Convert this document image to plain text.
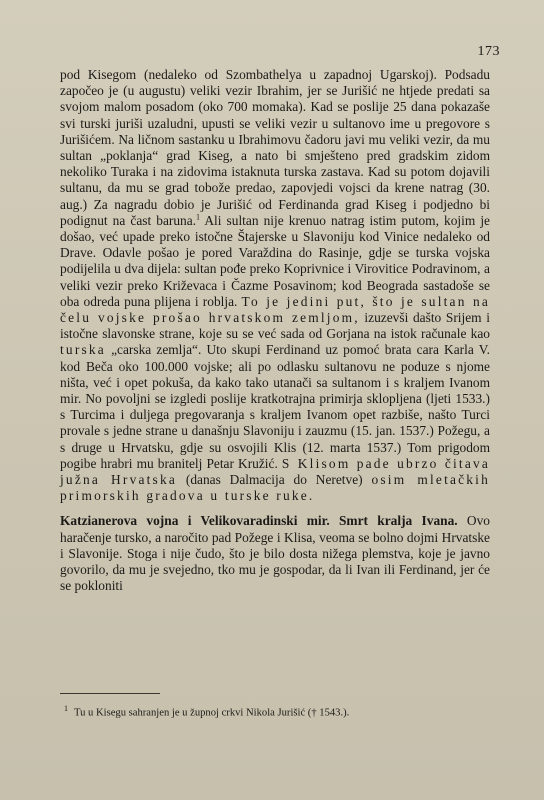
173

pod Kisegom (nedaleko od Szombathelya u zapadnoj Ugarskoj). Podsadu započeo je (u augustu) veliki vezir Ibrahim, jer se Jurišić ne htjede predati sa svojom malom posadom (oko 700 momaka). Kad se poslije 25 dana pokazaše svi turski juriši uzaludni, upusti se veliki vezir u sultanovo ime u pregovore s Jurišićem. Na ličnom sastanku u Ibrahimovu čadoru javi mu veliki vezir, da mu sultan „poklanja“ grad Kiseg, a nato bi smješteno pred gradskim zidom nekoliko Turaka i na zidovima istaknuta turska zastava. Kad su potom dojavili sultanu, da mu se grad tobože predao, zapovjedi vojsci da krene natrag (30. aug.) Za nagradu dobio je Jurišić od Ferdinanda grad Kiseg i podjedno bi podignut na čast baruna.$^1$ Ali sultan nije krenuo natrag istim putom, kojim je došao, već upade preko istočne Štajerske u Slavoniju kod Vinice nedaleko od Drave. Odavle pošao je pored Varaždina do Rasinje, gdje se turska vojska podijelila u dva dijela: sultan pođe preko Koprivnice i Virovitice Podravinom, a veliki vezir preko Križevaca i Čazme Posavinom; kod Beograda sastadoše se oba odreda puna plijena i roblja. To je jedini put, što je sultan na čelu vojske prošao hrvatskom zemljom, izuzevši dašto Srijem i istočne slavonske strane, koje su se već sada od Gorjana na istok računale kao turska „carska zemlja“. Uto skupi Ferdinand uz pomoć brata cara Karla V. kod Beča oko 100.000 vojske; ali po odlasku sultanovu ne poduze s njome ništa, već i opet pokuša, da kako tako utanači sa sultanom i s kraljem Ivanom mir. No povoljni se izgledi poslije kratkotrajna primirja sklopljena (ljeti 1533.) s Turcima i duljega pregovaranja s kraljem Ivanom opet razbiše, našto Turci provale s jedne strane u današnju Slavoniju i zauzmu (15. jan. 1537.) Požegu, a s druge u Hrvatsku, gdje su osvojili Klis (12. marta 1537.) Tom prigodom pogibe hrabri mu branitelj Petar Kružić. S Klisom pade ubrzo čitava južna Hrvatska (danas Dalmacija do Neretve) osim mletačkih primorskih gradova u turske ruke.

Katzianerova vojna i Velikovaradinski mir. Smrt kralja Ivana. Ovo haračenje tursko, a naročito pad Požege i Klisa, veoma se bolno dojmi Hrvatske i Slavonije. Stoga i nije čudo, što je bilo dosta nižega plemstva, koje je javno govorilo, da mu je svejedno, tko mu je gospodar, da li Ivan ili Ferdinand, jer će se pokloniti

$^1$ Tu u Kisegu sahranjen je u župnoj crkvi Nikola Jurišić († 1543.).
